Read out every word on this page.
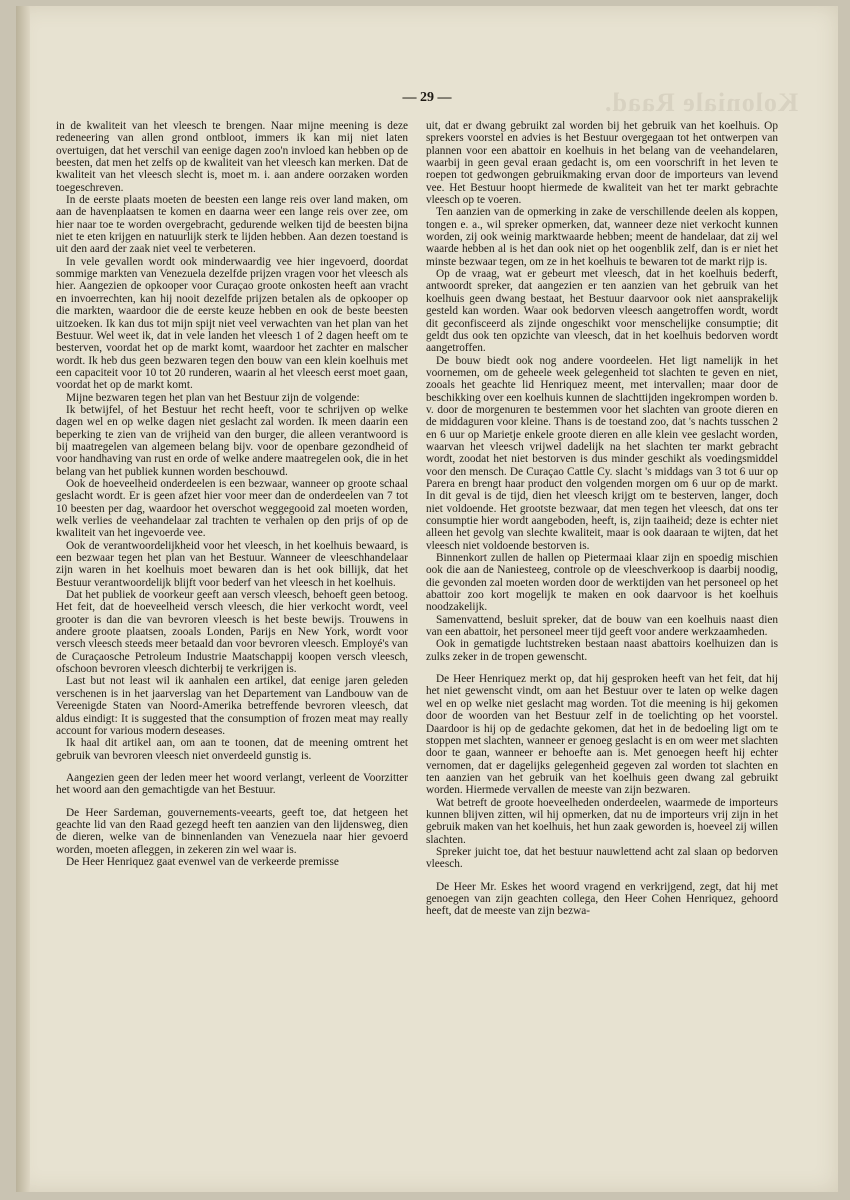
Koloniale Raad.
— 29 —

in de kwaliteit van het vleesch te brengen. Naar mijne meening is deze redeneering van allen grond ontbloot, immers ik kan mij niet laten overtuigen, dat het verschil van eenige dagen zoo'n invloed kan hebben op de beesten, dat men het zelfs op de kwaliteit van het vleesch kan merken. Dat de kwaliteit van het vleesch slecht is, moet m. i. aan andere oorzaken worden toegeschreven.

In de eerste plaats moeten de beesten een lange reis over land maken, om aan de havenplaatsen te komen en daarna weer een lange reis over zee, om hier naar toe te worden overgebracht, gedurende welken tijd de beesten bijna niet te eten krijgen en natuurlijk sterk te lijden hebben. Aan dezen toestand is uit den aard der zaak niet veel te verbeteren.

In vele gevallen wordt ook minderwaardig vee hier ingevoerd, doordat sommige markten van Venezuela dezelfde prijzen vragen voor het vleesch als hier. Aangezien de opkooper voor Curaçao groote onkosten heeft aan vracht en invoerrechten, kan hij nooit dezelfde prijzen betalen als de opkooper op die markten, waardoor die de eerste keuze hebben en ook de beste beesten uitzoeken. Ik kan dus tot mijn spijt niet veel verwachten van het plan van het Bestuur. Wel weet ik, dat in vele landen het vleesch 1 of 2 dagen heeft om te besterven, voordat het op de markt komt, waardoor het zachter en malscher wordt. Ik heb dus geen bezwaren tegen den bouw van een klein koelhuis met een capaciteit voor 10 tot 20 runderen, waarin al het vleesch eerst moet gaan, voordat het op de markt komt.

Mijne bezwaren tegen het plan van het Bestuur zijn de volgende:

Ik betwijfel, of het Bestuur het recht heeft, voor te schrijven op welke dagen wel en op welke dagen niet geslacht zal worden. Ik meen daarin een beperking te zien van de vrijheid van den burger, die alleen verantwoord is bij maatregelen van algemeen belang bijv. voor de openbare gezondheid of voor handhaving van rust en orde of welke andere maatregelen ook, die in het belang van het publiek kunnen worden beschouwd.

Ook de hoeveelheid onderdeelen is een bezwaar, wanneer op groote schaal geslacht wordt. Er is geen afzet hier voor meer dan de onderdeelen van 7 tot 10 beesten per dag, waardoor het overschot weggegooid zal moeten worden, welk verlies de veehandelaar zal trachten te verhalen op den prijs of op de kwaliteit van het ingevoerde vee.

Ook de verantwoordelijkheid voor het vleesch, in het koelhuis bewaard, is een bezwaar tegen het plan van het Bestuur. Wanneer de vleeschhandelaar zijn waren in het koelhuis moet bewaren dan is het ook billijk, dat het Bestuur verantwoordelijk blijft voor bederf van het vleesch in het koelhuis.

Dat het publiek de voorkeur geeft aan versch vleesch, behoeft geen betoog. Het feit, dat de hoeveelheid versch vleesch, die hier verkocht wordt, veel grooter is dan die van bevroren vleesch is het beste bewijs. Trouwens in andere groote plaatsen, zooals Londen, Parijs en New York, wordt voor versch vleesch steeds meer betaald dan voor bevroren vleesch. Employé's van de Curaçaosche Petroleum Industrie Maatschappij koopen versch vleesch, ofschoon bevroren vleesch dichterbij te verkrijgen is.

Last but not least wil ik aanhalen een artikel, dat eenige jaren geleden verschenen is in het jaarverslag van het Departement van Landbouw van de Vereenigde Staten van Noord-Amerika betreffende bevroren vleesch, dat aldus eindigt: It is suggested that the consumption of frozen meat may really account for various modern deseases.

Ik haal dit artikel aan, om aan te toonen, dat de meening omtrent het gebruik van bevroren vleesch niet onverdeeld gunstig is.

Aangezien geen der leden meer het woord verlangt, verleent de Voorzitter het woord aan den gemachtigde van het Bestuur.

De Heer Sardeman, gouvernements-veearts, geeft toe, dat hetgeen het geachte lid van den Raad gezegd heeft ten aanzien van den lijdensweg, dien de dieren, welke van de binnenlanden van Venezuela naar hier gevoerd worden, moeten afleggen, in zekeren zin wel waar is.

De Heer Henriquez gaat evenwel van de verkeerde premisse

uit, dat er dwang gebruikt zal worden bij het gebruik van het koelhuis. Op sprekers voorstel en advies is het Bestuur overgegaan tot het ontwerpen van plannen voor een abattoir en koelhuis in het belang van de veehandelaren, waarbij in geen geval eraan gedacht is, om een voorschrift in het leven te roepen tot gedwongen gebruikmaking ervan door de importeurs van levend vee. Het Bestuur hoopt hiermede de kwaliteit van het ter markt gebrachte vleesch op te voeren.

Ten aanzien van de opmerking in zake de verschillende deelen als koppen, tongen e. a., wil spreker opmerken, dat, wanneer deze niet verkocht kunnen worden, zij ook weinig marktwaarde hebben; meent de handelaar, dat zij wel waarde hebben al is het dan ook niet op het oogenblik zelf, dan is er niet het minste bezwaar tegen, om ze in het koelhuis te bewaren tot de markt rijp is.

Op de vraag, wat er gebeurt met vleesch, dat in het koelhuis bederft, antwoordt spreker, dat aangezien er ten aanzien van het gebruik van het koelhuis geen dwang bestaat, het Bestuur daarvoor ook niet aansprakelijk gesteld kan worden. Waar ook bedorven vleesch aangetroffen wordt, wordt dit geconfisceerd als zijnde ongeschikt voor menschelijke consumptie; dit geldt dus ook ten opzichte van vleesch, dat in het koelhuis bedorven wordt aangetroffen.

De bouw biedt ook nog andere voordeelen. Het ligt namelijk in het voornemen, om de geheele week gelegenheid tot slachten te geven en niet, zooals het geachte lid Henriquez meent, met intervallen; maar door de beschikking over een koelhuis kunnen de slachttijden ingekrompen worden b. v. door de morgenuren te bestemmen voor het slachten van groote dieren en de middaguren voor kleine. Thans is de toestand zoo, dat 's nachts tusschen 2 en 6 uur op Marietje enkele groote dieren en alle klein vee geslacht worden, waarvan het vleesch vrijwel dadelijk na het slachten ter markt gebracht wordt, zoodat het niet bestorven is dus minder geschikt als voedingsmiddel voor den mensch. De Curaçao Cattle Cy. slacht 's middags van 3 tot 6 uur op Parera en brengt haar product den volgenden morgen om 6 uur op de markt. In dit geval is de tijd, dien het vleesch krijgt om te besterven, langer, doch niet voldoende. Het grootste bezwaar, dat men tegen het vleesch, dat ons ter consumptie hier wordt aangeboden, heeft, is, zijn taaiheid; deze is echter niet alleen het gevolg van slechte kwaliteit, maar is ook daaraan te wijten, dat het vleesch niet voldoende bestorven is.

Binnenkort zullen de hallen op Pietermaai klaar zijn en spoedig mischien ook die aan de Naniesteeg, controle op de vleeschverkoop is daarbij noodig, die gevonden zal moeten worden door de werktijden van het personeel op het abattoir zoo kort mogelijk te maken en ook daarvoor is het koelhuis noodzakelijk.

Samenvattend, besluit spreker, dat de bouw van een koelhuis naast dien van een abattoir, het personeel meer tijd geeft voor andere werkzaamheden.

Ook in gematigde luchtstreken bestaan naast abattoirs koelhuizen dan is zulks zeker in de tropen gewenscht.

De Heer Henriquez merkt op, dat hij gesproken heeft van het feit, dat hij het niet gewenscht vindt, om aan het Bestuur over te laten op welke dagen wel en op welke niet geslacht mag worden. Tot die meening is hij gekomen door de woorden van het Bestuur zelf in de toelichting op het voorstel. Daardoor is hij op de gedachte gekomen, dat het in de bedoeling ligt om te stoppen met slachten, wanneer er genoeg geslacht is en om weer met slachten door te gaan, wanneer er behoefte aan is. Met genoegen heeft hij echter vernomen, dat er dagelijks gelegenheid gegeven zal worden tot slachten en ten aanzien van het gebruik van het koelhuis geen dwang zal gebruikt worden. Hiermede vervallen de meeste van zijn bezwaren.

Wat betreft de groote hoeveelheden onderdeelen, waarmede de importeurs kunnen blijven zitten, wil hij opmerken, dat nu de importeurs vrij zijn in het gebruik maken van het koelhuis, het hun zaak geworden is, hoeveel zij willen slachten.

Spreker juicht toe, dat het bestuur nauwlettend acht zal slaan op bedorven vleesch.

De Heer Mr. Eskes het woord vragend en verkrijgend, zegt, dat hij met genoegen van zijn geachten collega, den Heer Cohen Henriquez, gehoord heeft, dat de meeste van zijn bezwa-
